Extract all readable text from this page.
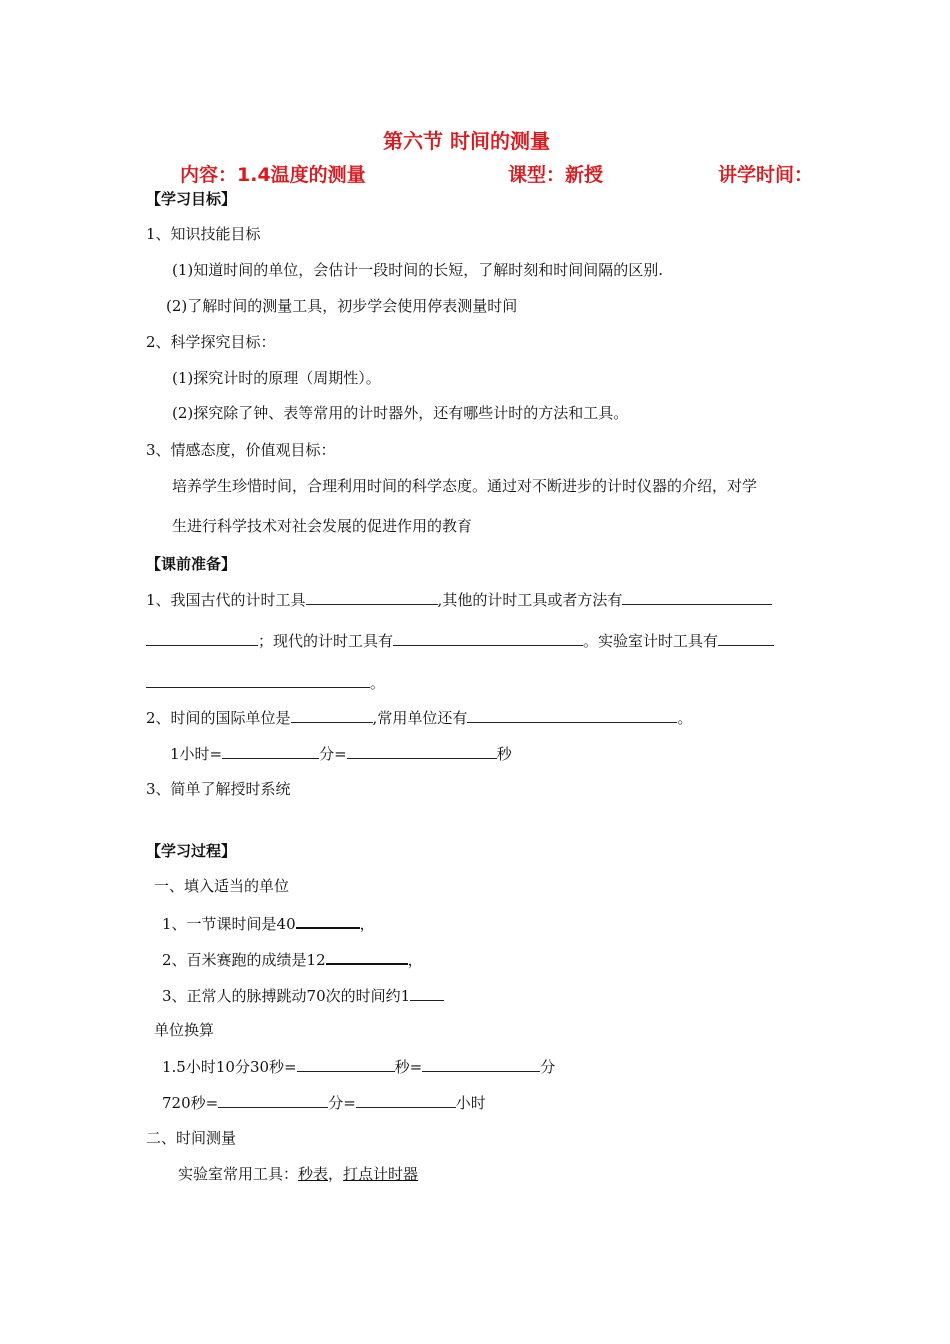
第六节 时间的测量
内容：1.4温度的测量	课型：新授	讲学时间：
【学习目标】
1、知识技能目标
(1)知道时间的单位，会估计一段时间的长短，了解时刻和时间间隔的区别.
(2)了解时间的测量工具，初步学会使用停表测量时间
2、科学探究目标：
(1)探究计时的原理（周期性）。
(2)探究除了钟、表等常用的计时器外，还有哪些计时的方法和工具。
3、情感态度，价值观目标：
培养学生珍惜时间，合理利用时间的科学态度。通过对不断进步的计时仪器的介绍，对学
生进行科学技术对社会发展的促进作用的教育
【课前准备】
1、我国古代的计时工具	,其他的计时工具或者方法有
；现代的计时工具有	。实验室计时工具有
。
2、时间的国际单位是	,常用单位还有	。
1小时=	分=	秒
3、简单了解授时系统
【学习过程】
一、填入适当的单位
1、一节课时间是40	，
2、百米赛跑的成绩是12	，
3、正常人的脉搏跳动70次的时间约1
单位换算
1.5小时10分30秒=	秒=	分
720秒=	分=	小时
二、时间测量
实验室常用工具：秒表，打点计时器
